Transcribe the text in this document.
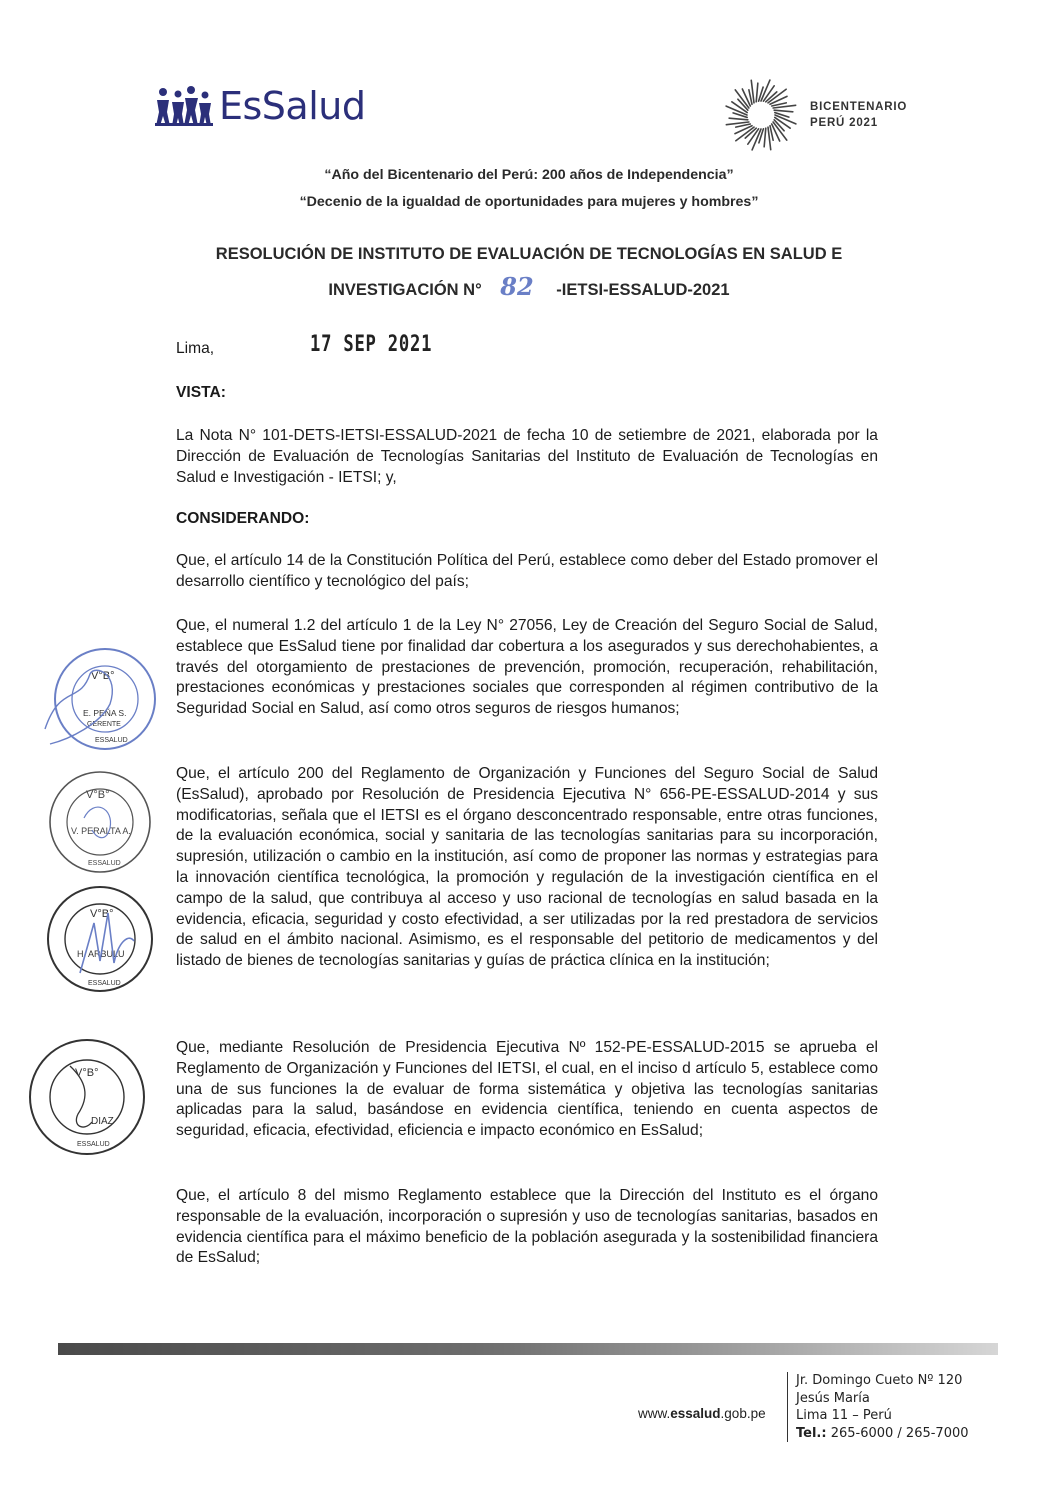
EsSalud	BICENTENARIO
PERÚ 2021
“Año del Bicentenario del Perú: 200 años de Independencia”
“Decenio de la igualdad de oportunidades para mujeres y hombres”
RESOLUCIÓN DE INSTITUTO DE EVALUACIÓN DE TECNOLOGÍAS EN SALUD E
INVESTIGACIÓN N° 82 -IETSI-ESSALUD-2021
Lima,	17 SEP 2021
VISTA:
La Nota N° 101-DETS-IETSI-ESSALUD-2021 de fecha 10 de setiembre de 2021, elaborada por la Dirección de Evaluación de Tecnologías Sanitarias del Instituto de Evaluación de Tecnologías en Salud e Investigación - IETSI; y,
CONSIDERANDO:
Que, el artículo 14 de la Constitución Política del Perú, establece como deber del Estado promover el desarrollo científico y tecnológico del país;
Que, el numeral 1.2 del artículo 1 de la Ley N° 27056, Ley de Creación del Seguro Social de Salud, establece que EsSalud tiene por finalidad dar cobertura a los asegurados y sus derechohabientes, a través del otorgamiento de prestaciones de prevención, promoción, recuperación, rehabilitación, prestaciones económicas y prestaciones sociales que corresponden al régimen contributivo de la Seguridad Social en Salud, así como otros seguros de riesgos humanos;
Que, el artículo 200 del Reglamento de Organización y Funciones del Seguro Social de Salud (EsSalud), aprobado por Resolución de Presidencia Ejecutiva N° 656-PE-ESSALUD-2014 y sus modificatorias, señala que el IETSI es el órgano desconcentrado responsable, entre otras funciones, de la evaluación económica, social y sanitaria de las tecnologías sanitarias para su incorporación, supresión, utilización o cambio en la institución, así como de proponer las normas y estrategias para la innovación científica tecnológica, la promoción y regulación de la investigación científica en el campo de la salud, que contribuya al acceso y uso racional de tecnologías en salud basada en la evidencia, eficacia, seguridad y costo efectividad, a ser utilizadas por la red prestadora de servicios de salud en el ámbito nacional. Asimismo, es el responsable del petitorio de medicamentos y del listado de bienes de tecnologías sanitarias y guías de práctica clínica en la institución;
Que, mediante Resolución de Presidencia Ejecutiva Nº 152-PE-ESSALUD-2015 se aprueba el Reglamento de Organización y Funciones del IETSI, el cual, en el inciso d artículo 5, establece como una de sus funciones la de evaluar de forma sistemática y objetiva las tecnologías sanitarias aplicadas para la salud, basándose en evidencia científica, teniendo en cuenta aspectos de seguridad, eficacia, efectividad, eficiencia e impacto económico en EsSalud;
Que, el artículo 8 del mismo Reglamento establece que la Dirección del Instituto es el órgano responsable de la evaluación, incorporación o supresión y uso de tecnologías sanitarias, basados en evidencia científica para el máximo beneficio de la población asegurada y la sostenibilidad financiera de EsSalud;
V°B°
E. PEÑA S.
GERENTE
ESSALUD
V°B°
V. PERALTA A.
ESSALUD
V°B°
H. ARBULU
ESSALUD
V°B°
DIAZ
ESSALUD
www.essalud.gob.pe
Jr. Domingo Cueto Nº 120
Jesús María
Lima 11 – Perú
Tel.: 265-6000 / 265-7000
